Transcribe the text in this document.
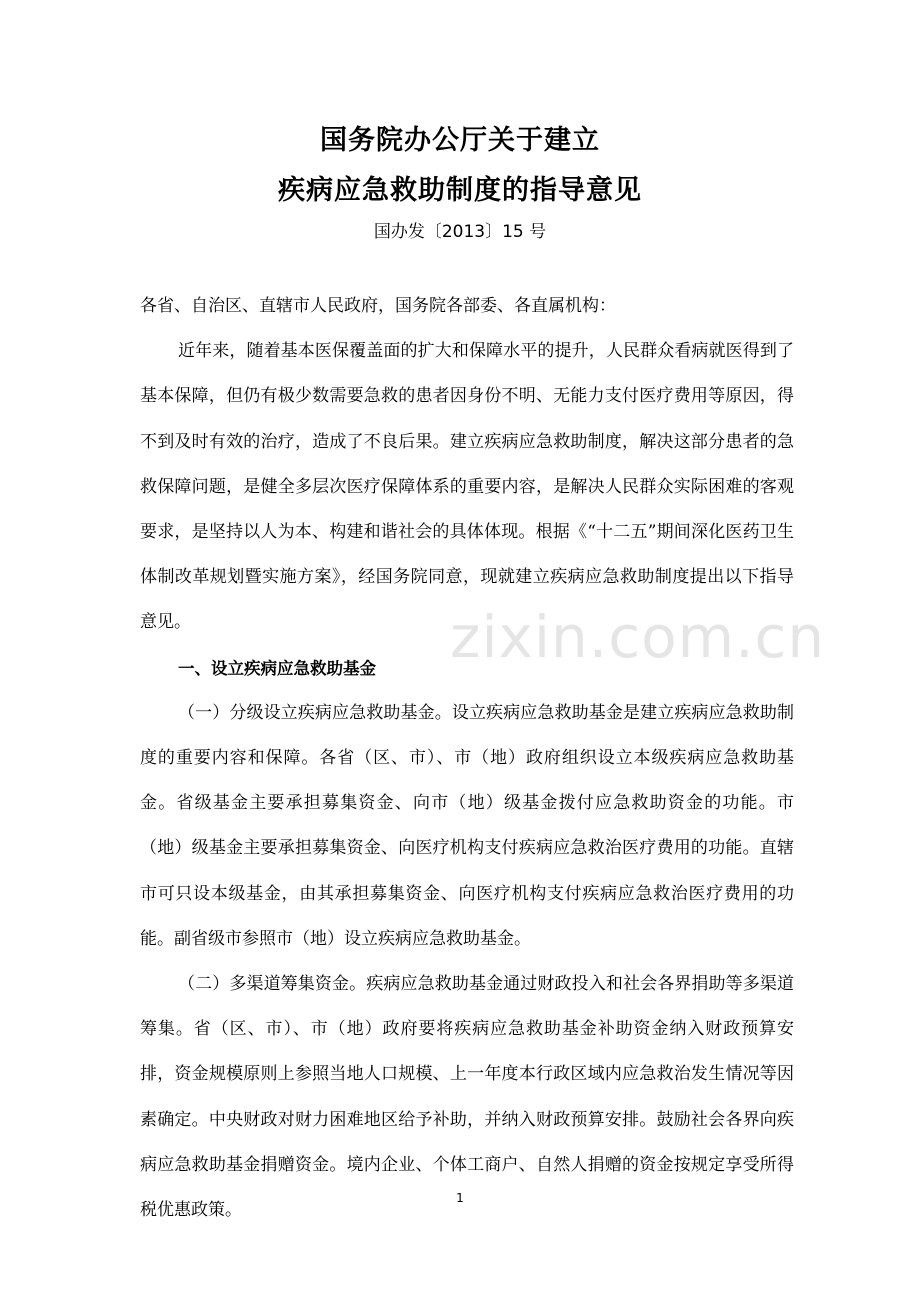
国务院办公厅关于建立
疾病应急救助制度的指导意见
国办发〔2013〕15 号

各省、自治区、直辖市人民政府，国务院各部委、各直属机构：

近年来，随着基本医保覆盖面的扩大和保障水平的提升，人民群众看病就医得到了基本保障，但仍有极少数需要急救的患者因身份不明、无能力支付医疗费用等原因，得不到及时有效的治疗，造成了不良后果。建立疾病应急救助制度，解决这部分患者的急救保障问题，是健全多层次医疗保障体系的重要内容，是解决人民群众实际困难的客观要求，是坚持以人为本、构建和谐社会的具体体现。根据《“十二五”期间深化医药卫生体制改革规划暨实施方案》，经国务院同意，现就建立疾病应急救助制度提出以下指导意见。

一、设立疾病应急救助基金

（一）分级设立疾病应急救助基金。设立疾病应急救助基金是建立疾病应急救助制度的重要内容和保障。各省（区、市）、市（地）政府组织设立本级疾病应急救助基金。省级基金主要承担募集资金、向市（地）级基金拨付应急救助资金的功能。市（地）级基金主要承担募集资金、向医疗机构支付疾病应急救治医疗费用的功能。直辖市可只设本级基金，由其承担募集资金、向医疗机构支付疾病应急救治医疗费用的功能。副省级市参照市（地）设立疾病应急救助基金。

（二）多渠道筹集资金。疾病应急救助基金通过财政投入和社会各界捐助等多渠道筹集。省（区、市）、市（地）政府要将疾病应急救助基金补助资金纳入财政预算安排，资金规模原则上参照当地人口规模、上一年度本行政区域内应急救治发生情况等因素确定。中央财政对财力困难地区给予补助，并纳入财政预算安排。鼓励社会各界向疾病应急救助基金捐赠资金。境内企业、个体工商户、自然人捐赠的资金按规定享受所得税优惠政策。

zixin.com.cn
1
